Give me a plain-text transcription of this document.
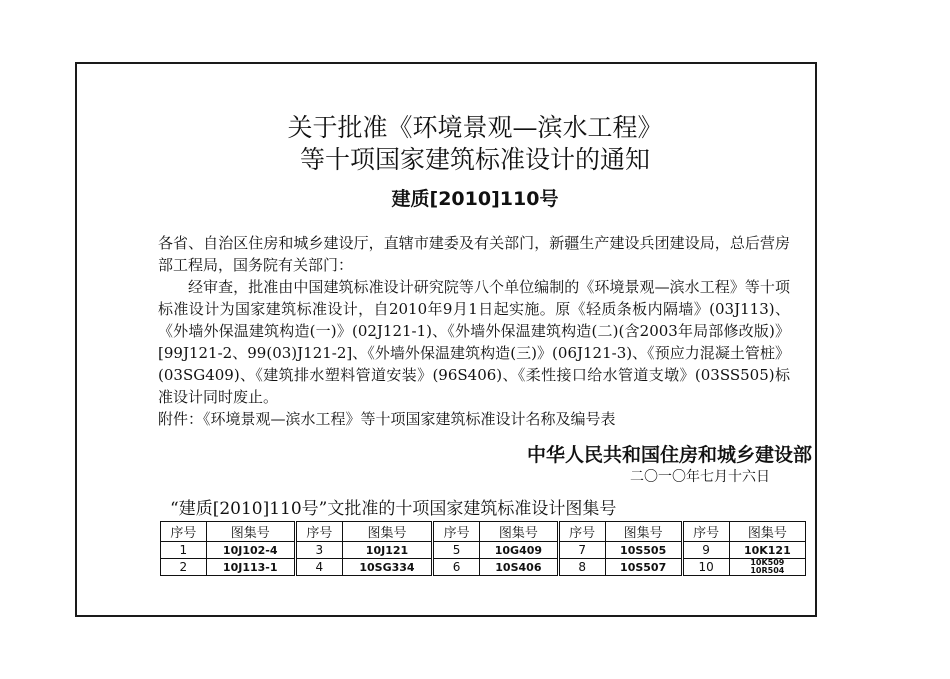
关于批准《环境景观—滨水工程》
等十项国家建筑标准设计的通知
建质[2010]110号

各省、自治区住房和城乡建设厅，直辖市建委及有关部门，新疆生产建设兵团建设局，总后营房部工程局，国务院有关部门：

经审查，批准由中国建筑标准设计研究院等八个单位编制的《环境景观—滨水工程》等十项标准设计为国家建筑标准设计，自2010年9月1日起实施。原《轻质条板内隔墙》(03J113)、《外墙外保温建筑构造(一)》(02J121-1)、《外墙外保温建筑构造(二)(含2003年局部修改版)》[99J121-2、99(03)J121-2]、《外墙外保温建筑构造(三)》(06J121-3)、《预应力混凝土管桩》(03SG409)、《建筑排水塑料管道安装》(96S406)、《柔性接口给水管道支墩》(03SS505)标准设计同时废止。

附件：《环境景观—滨水工程》等十项国家建筑标准设计名称及编号表

中华人民共和国住房和城乡建设部
二〇一〇年七月十六日
“建质[2010]110号”文批准的十项国家建筑标准设计图集号
序号	图集号	序号	图集号	序号	图集号	序号	图集号	序号	图集号
1	10J102-4	3	10J121	5	10G409	7	10S505	9	10K121
2	10J113-1	4	10SG334	6	10S406	8	10S507	10	10K509
10R504
